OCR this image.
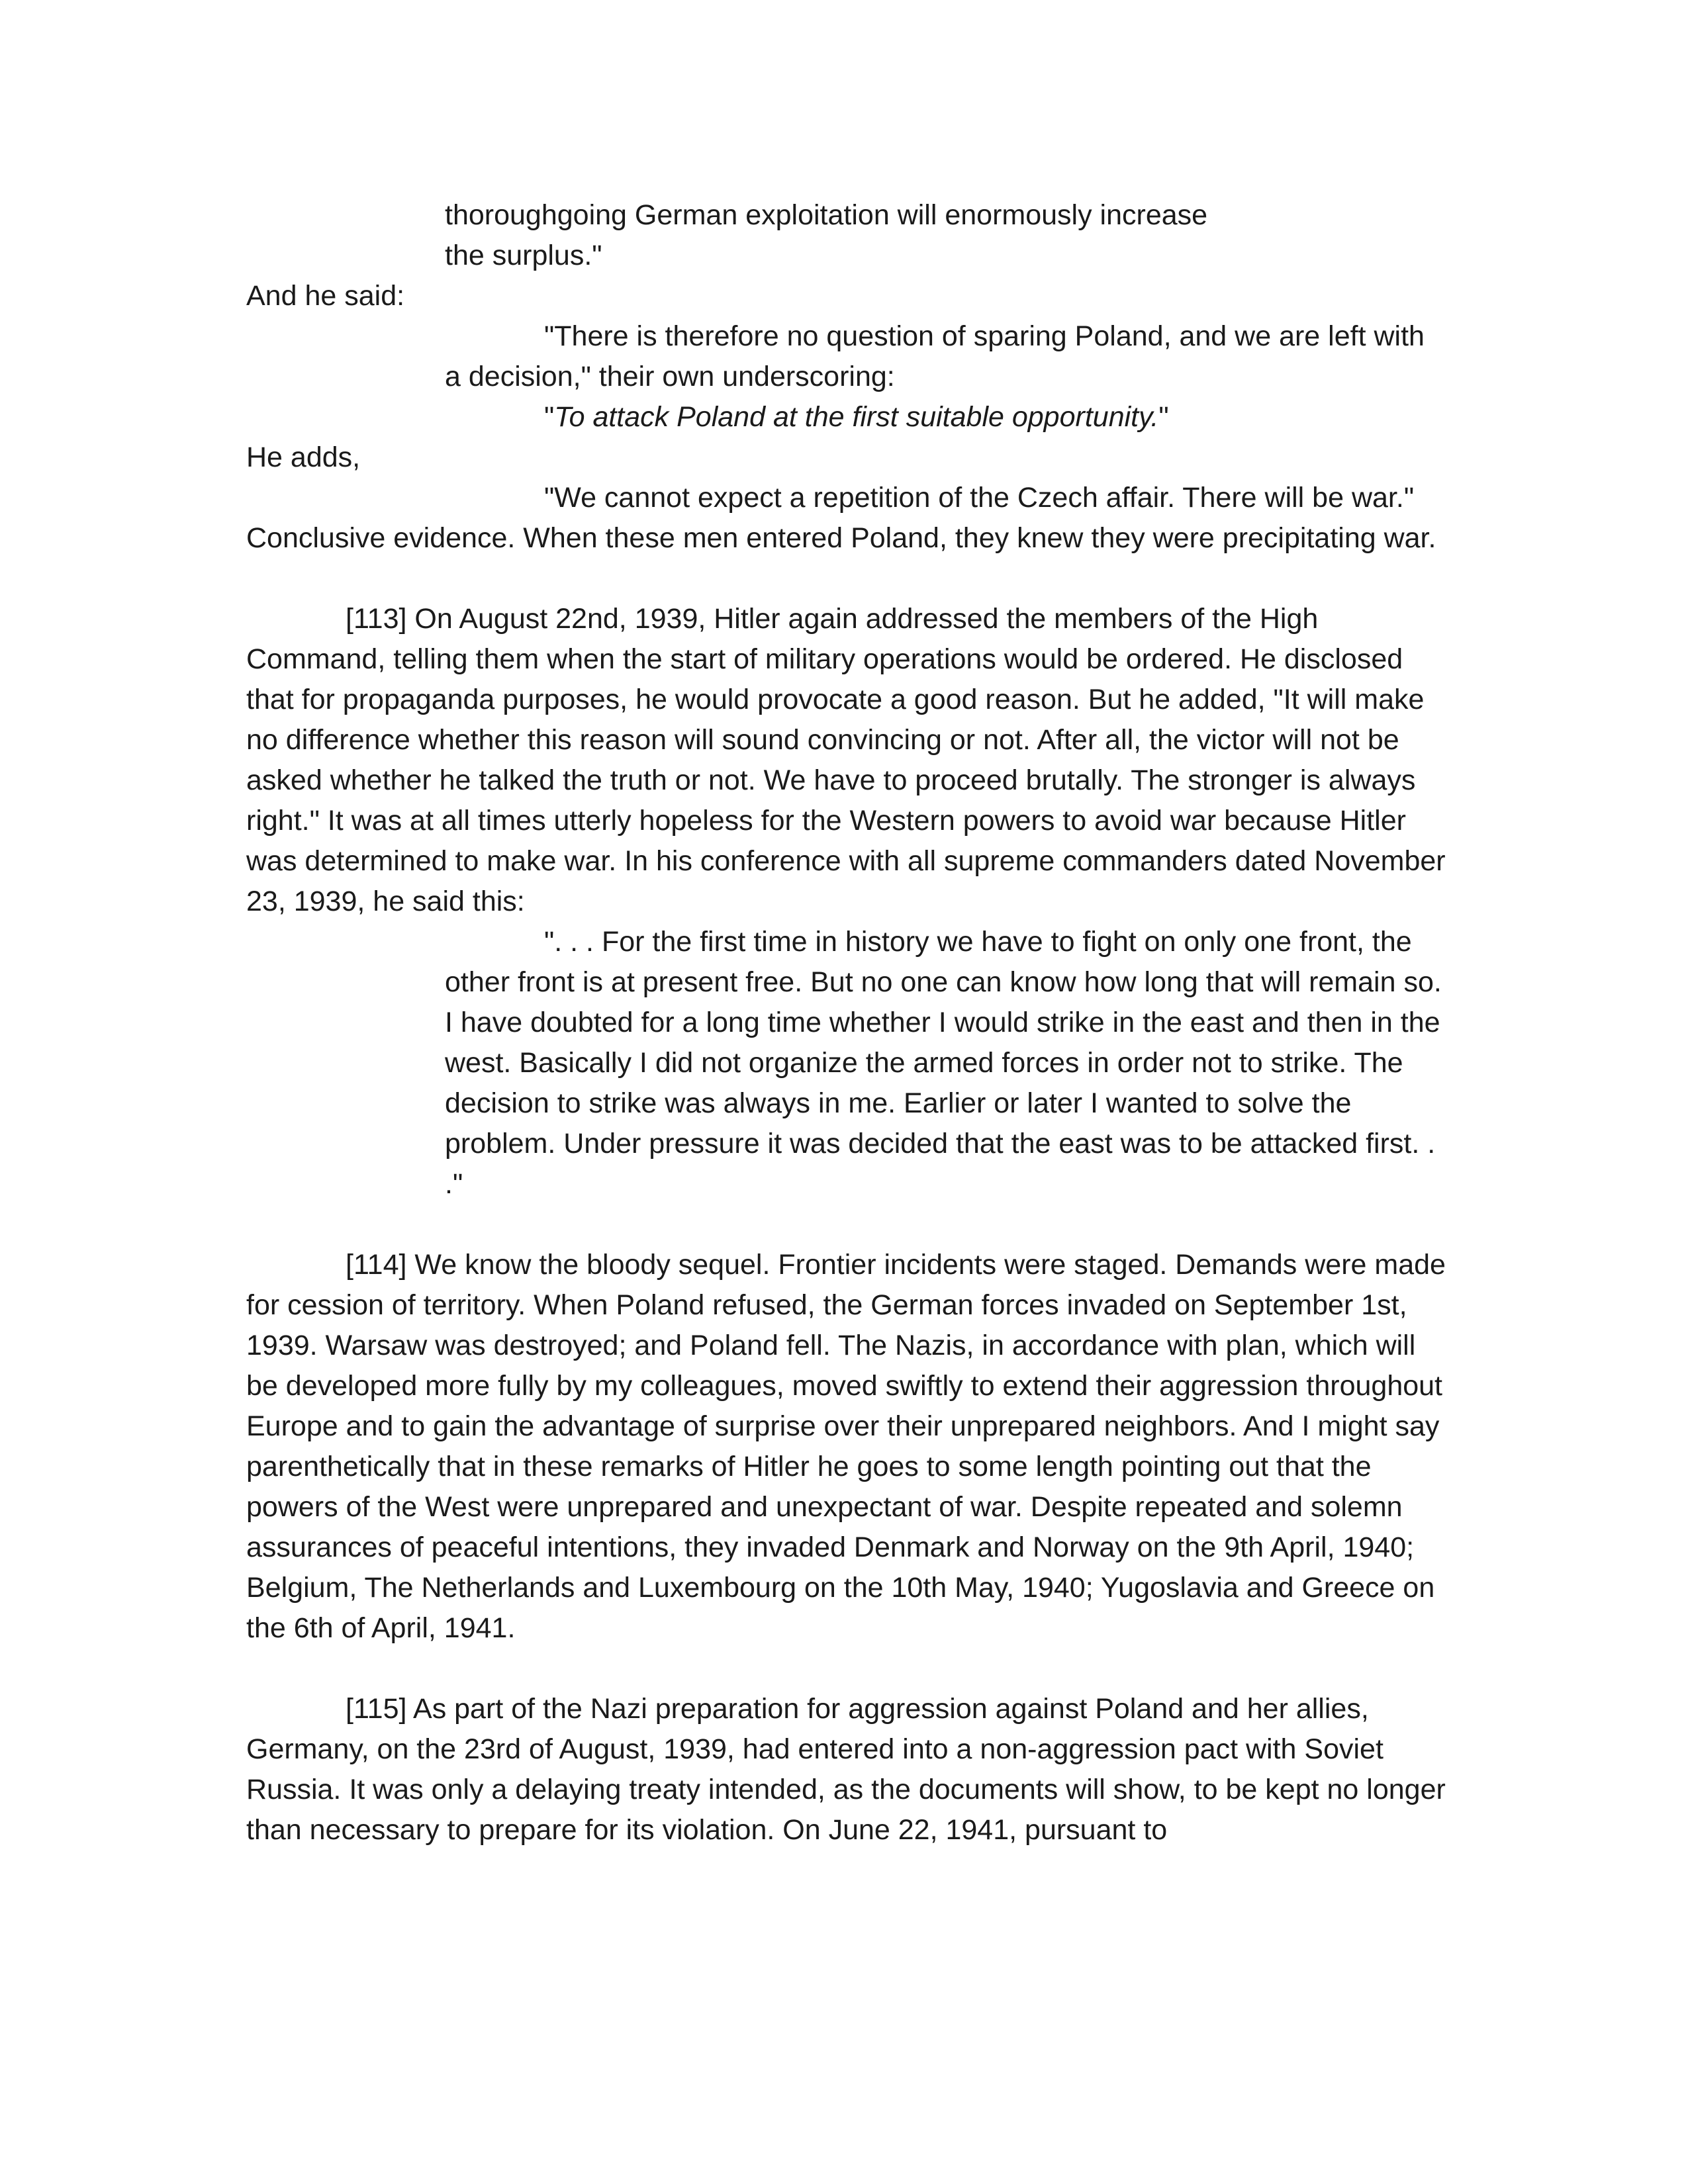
thoroughgoing German exploitation will enormously increase the surplus."

And he said:

"There is therefore no question of sparing Poland, and we are left with a decision," their own underscoring:

"To attack Poland at the first suitable opportunity."

He adds,

"We cannot expect a repetition of the Czech affair. There will be war."

Conclusive evidence. When these men entered Poland, they knew they were precipitating war.

[113] On August 22nd, 1939, Hitler again addressed the members of the High Command, telling them when the start of military operations would be ordered. He disclosed that for propaganda purposes, he would provocate a good reason. But he added, "It will make no difference whether this reason will sound convincing or not. After all, the victor will not be asked whether he talked the truth or not. We have to proceed brutally. The stronger is always right." It was at all times utterly hopeless for the Western powers to avoid war because Hitler was determined to make war. In his conference with all supreme commanders dated November 23, 1939, he said this:

". . . For the first time in history we have to fight on only one front, the other front is at present free. But no one can know how long that will remain so. I have doubted for a long time whether I would strike in the east and then in the west. Basically I did not organize the armed forces in order not to strike. The decision to strike was always in me. Earlier or later I wanted to solve the problem. Under pressure it was decided that the east was to be attacked first. . ."

[114] We know the bloody sequel. Frontier incidents were staged. Demands were made for cession of territory. When Poland refused, the German forces invaded on September 1st, 1939. Warsaw was destroyed; and Poland fell. The Nazis, in accordance with plan, which will be developed more fully by my colleagues, moved swiftly to extend their aggression throughout Europe and to gain the advantage of surprise over their unprepared neighbors. And I might say parenthetically that in these remarks of Hitler he goes to some length pointing out that the powers of the West were unprepared and unexpectant of war. Despite repeated and solemn assurances of peaceful intentions, they invaded Denmark and Norway on the 9th April, 1940; Belgium, The Netherlands and Luxembourg on the 10th May, 1940; Yugoslavia and Greece on the 6th of April, 1941.

[115] As part of the Nazi preparation for aggression against Poland and her allies, Germany, on the 23rd of August, 1939, had entered into a non-aggression pact with Soviet Russia. It was only a delaying treaty intended, as the documents will show, to be kept no longer than necessary to prepare for its violation. On June 22, 1941, pursuant to
